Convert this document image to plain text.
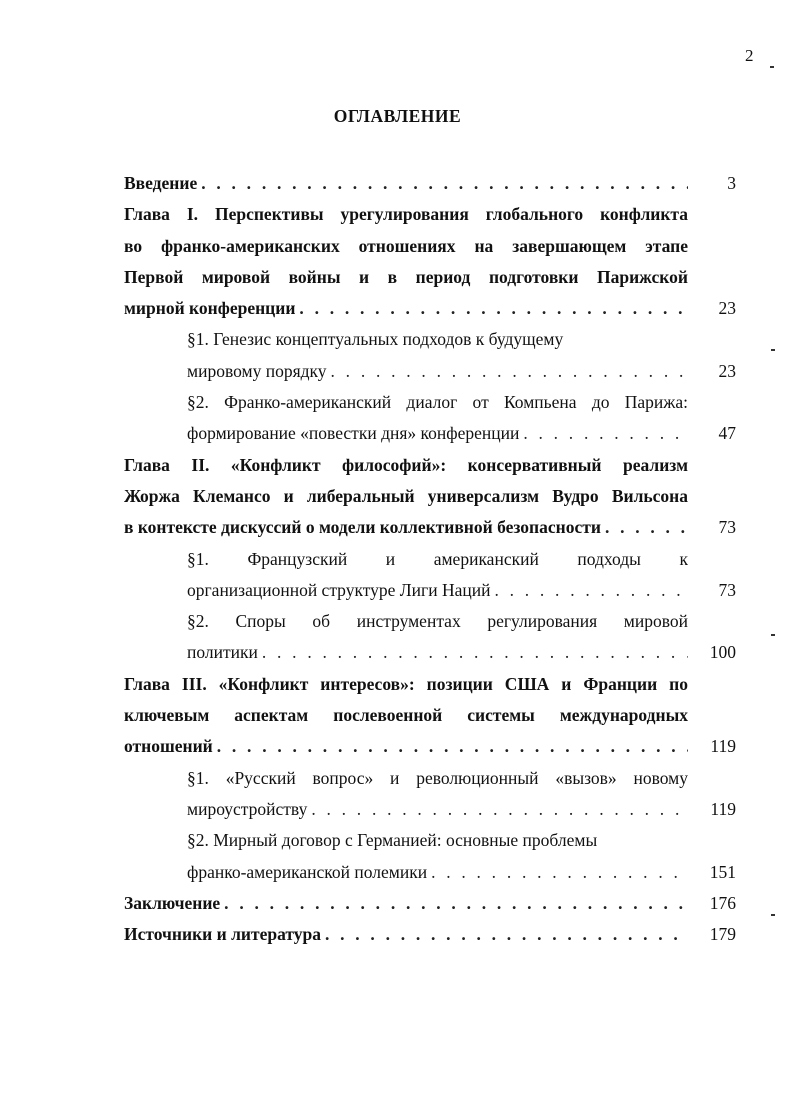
2
ОГЛАВЛЕНИЕ
Введение . . .	3
Глава I. Перспективы урегулирования глобального конфликта
во франко-американских отношениях на завершающем этапе
Первой мировой войны и в период подготовки Парижской
мирной конференции . . .	23
§1. Генезис концептуальных подходов к будущему
мировому порядку . . .	23
§2. Франко-американский диалог от Компьена до Парижа:
формирование «повестки дня» конференции . . .	47
Глава II. «Конфликт философий»: консервативный реализм
Жоржа Клемансо и либеральный универсализм Вудро Вильсона
в контексте дискуссий о модели коллективной безопасности . . .	73
§1. Французский и американский подходы к
организационной структуре Лиги Наций . . .	73
§2. Споры об инструментах регулирования мировой
политики . . .	100
Глава III. «Конфликт интересов»: позиции США и Франции по
ключевым аспектам послевоенной системы международных
отношений . . .	119
§1. «Русский вопрос» и революционный «вызов» новому
мироустройству . . .	119
§2. Мирный договор с Германией: основные проблемы
франко-американской полемики . . .	151
Заключение . . .	176
Источники и литература . . .	179
